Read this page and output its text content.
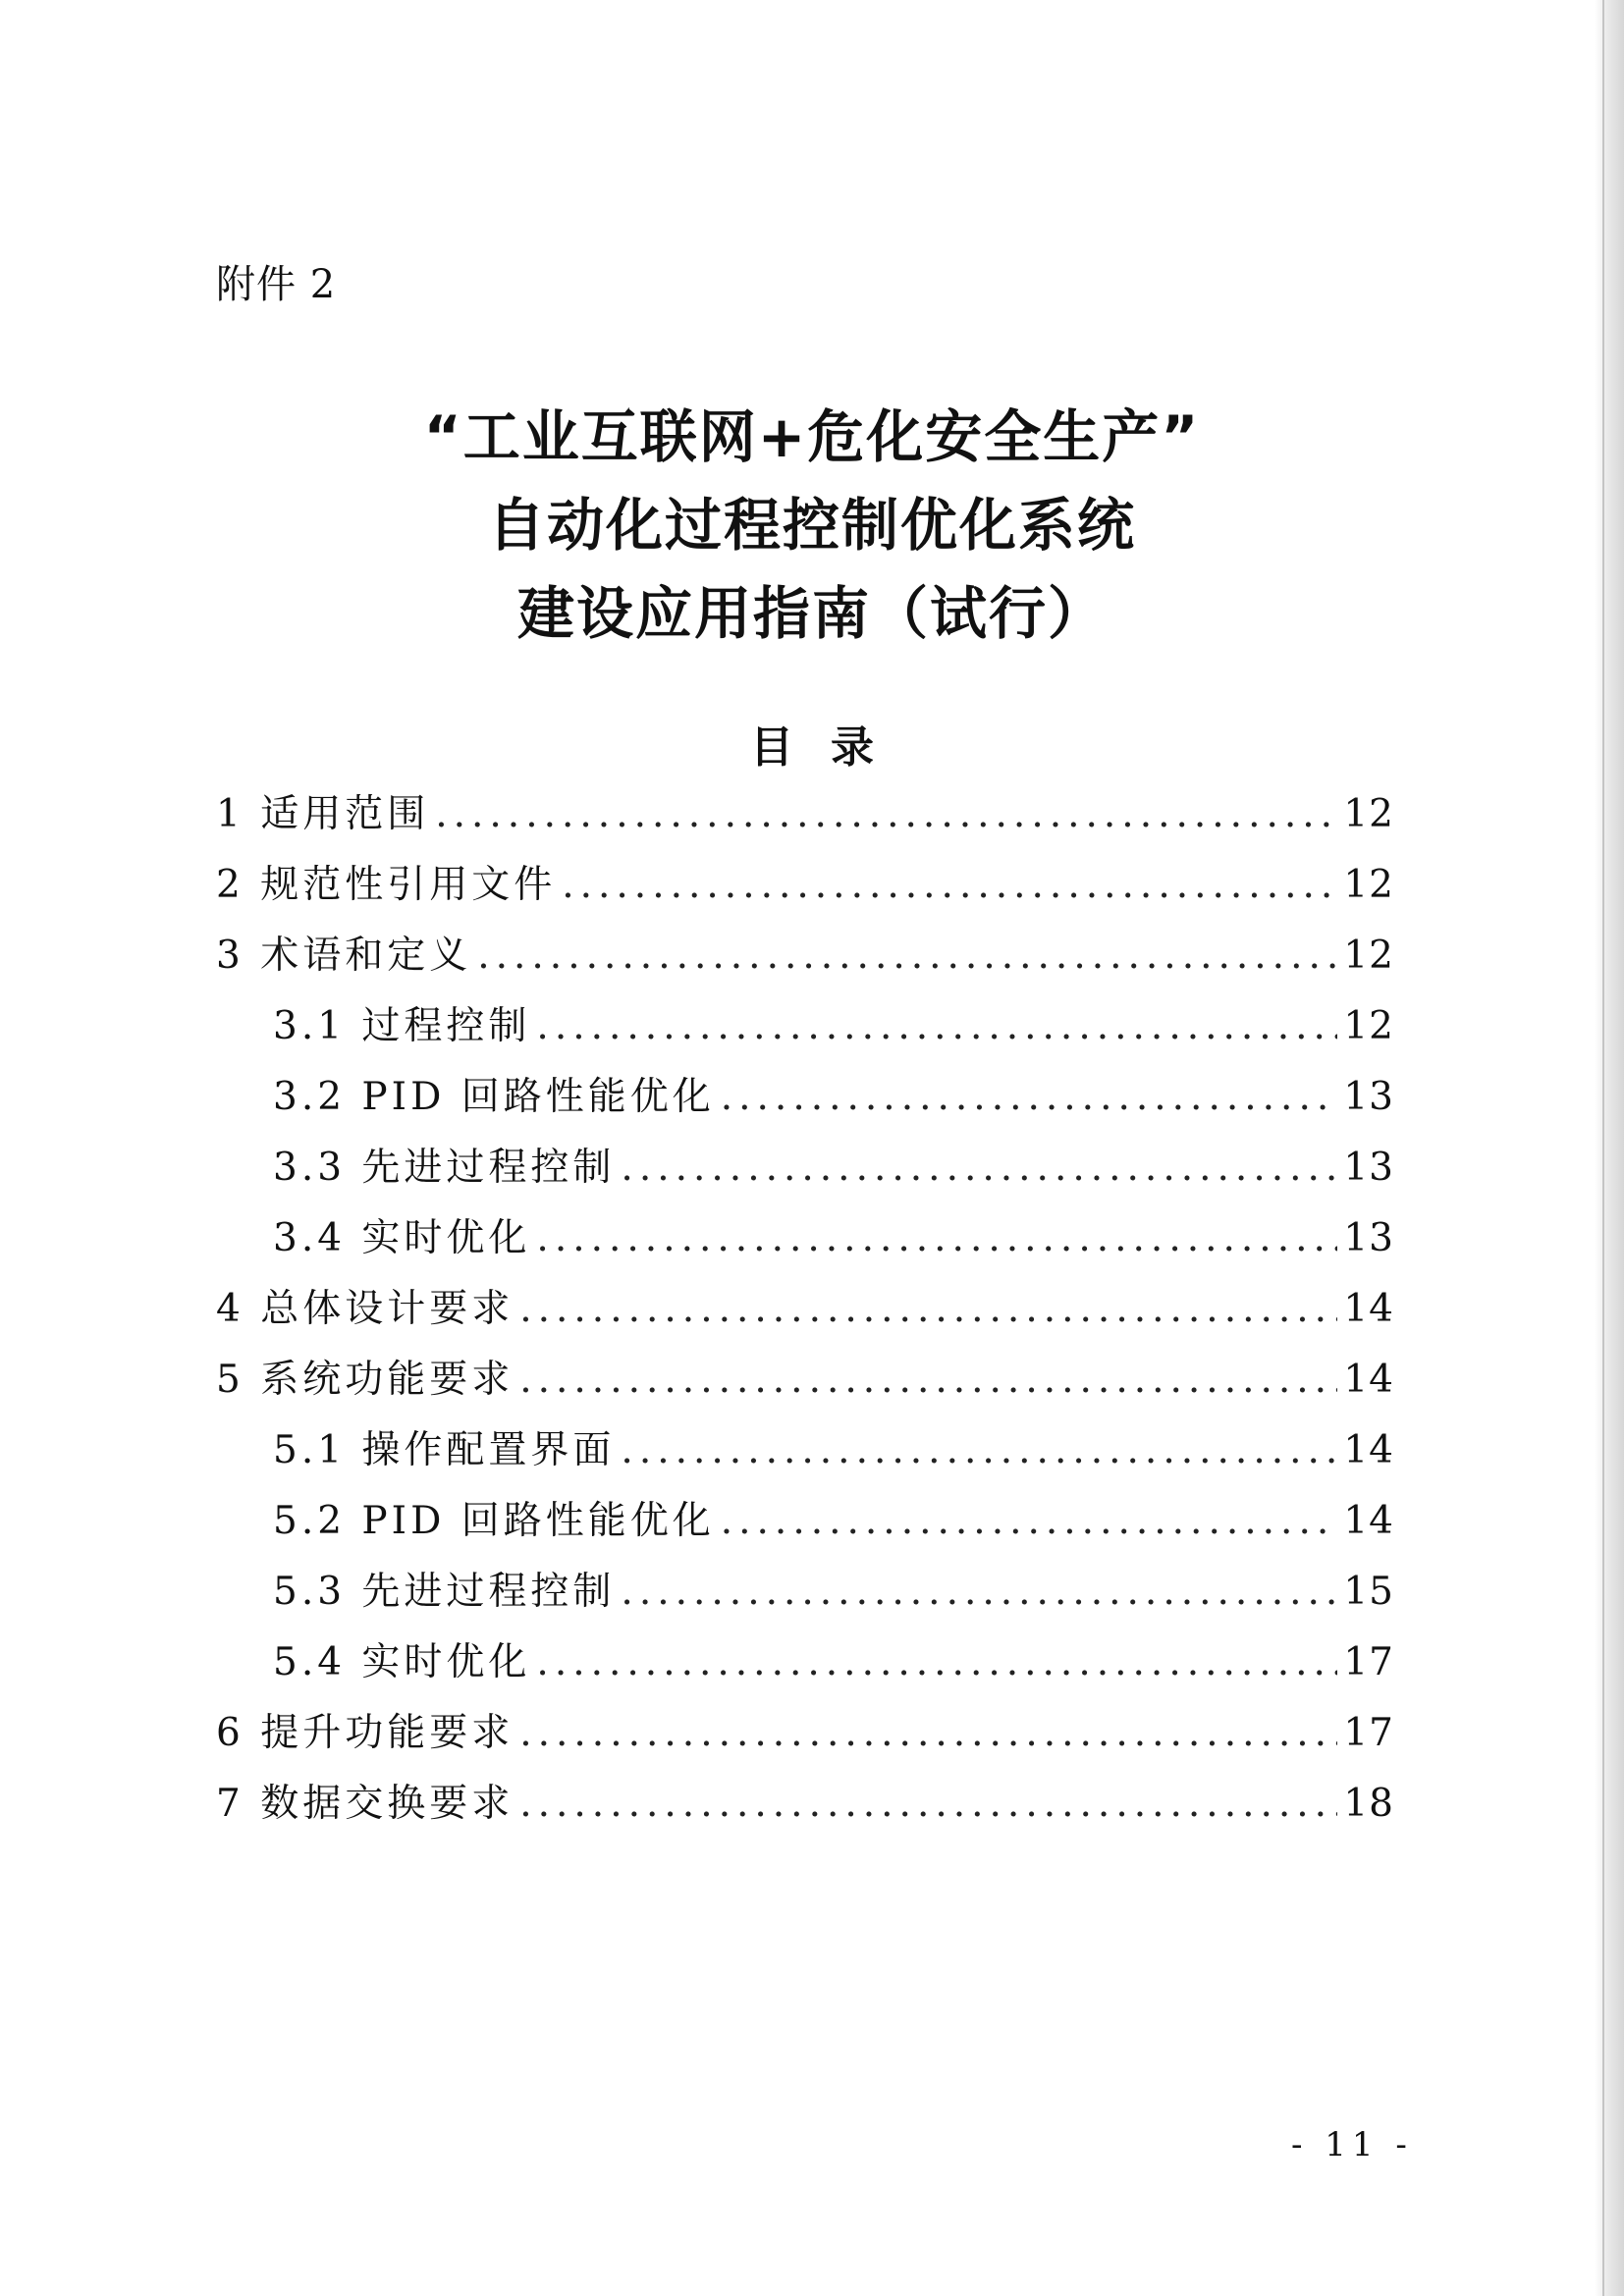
附件 2
“工业互联网+危化安全生产”
自动化过程控制优化系统
建设应用指南（试行）
目录
1 适用范围 .....	12
2 规范性引用文件 .....	12
3 术语和定义 .....	12
3.1 过程控制 .....	12
3.2 PID 回路性能优化 .....	13
3.3 先进过程控制 .....	13
3.4 实时优化 .....	13
4 总体设计要求 .....	14
5 系统功能要求 .....	14
5.1 操作配置界面 .....	14
5.2 PID 回路性能优化 .....	14
5.3 先进过程控制 .....	15
5.4 实时优化 .....	17
6 提升功能要求 .....	17
7 数据交换要求 .....	18
- 11 -
